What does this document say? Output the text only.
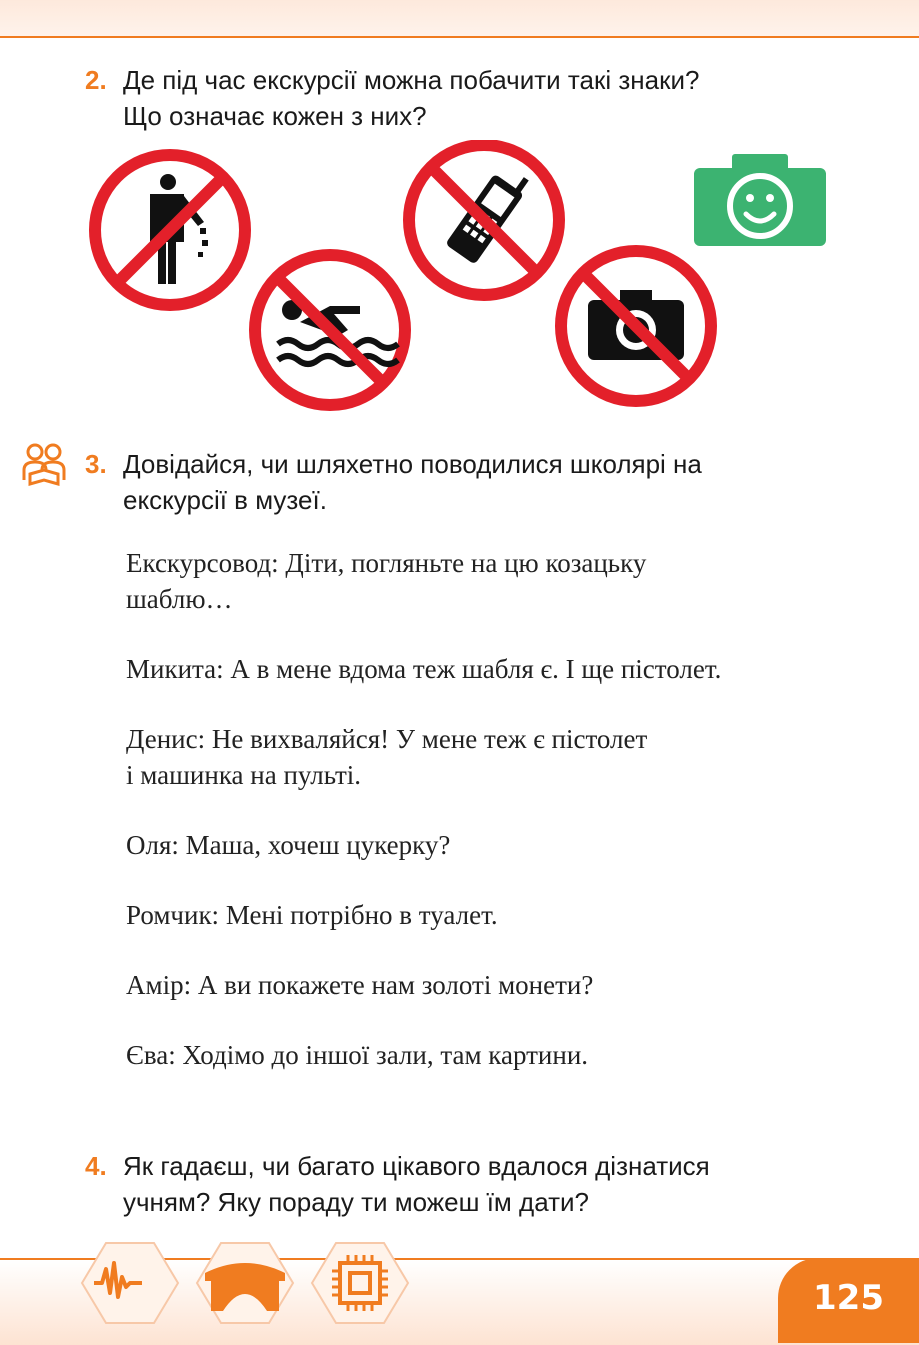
2. Де під час екскурсії можна побачити такі знаки?
Що означає кожен з них?
3. Довідайся, чи шляхетно поводилися школярі на
екскурсії в музеї.
Екскурсовод: Діти, погляньте на цю козацьку
шаблю…
Микита: А в мене вдома теж шабля є. І ще пістолет.
Денис: Не вихваляйся! У мене теж є пістолет
і машинка на пульті.
Оля: Маша, хочеш цукерку?
Ромчик: Мені потрібно в туалет.
Амір: А ви покажете нам золоті монети?
Єва: Ходімо до іншої зали, там картини.
4. Як гадаєш, чи багато цікавого вдалося дізнатися
учням? Яку пораду ти можеш їм дати?
125
